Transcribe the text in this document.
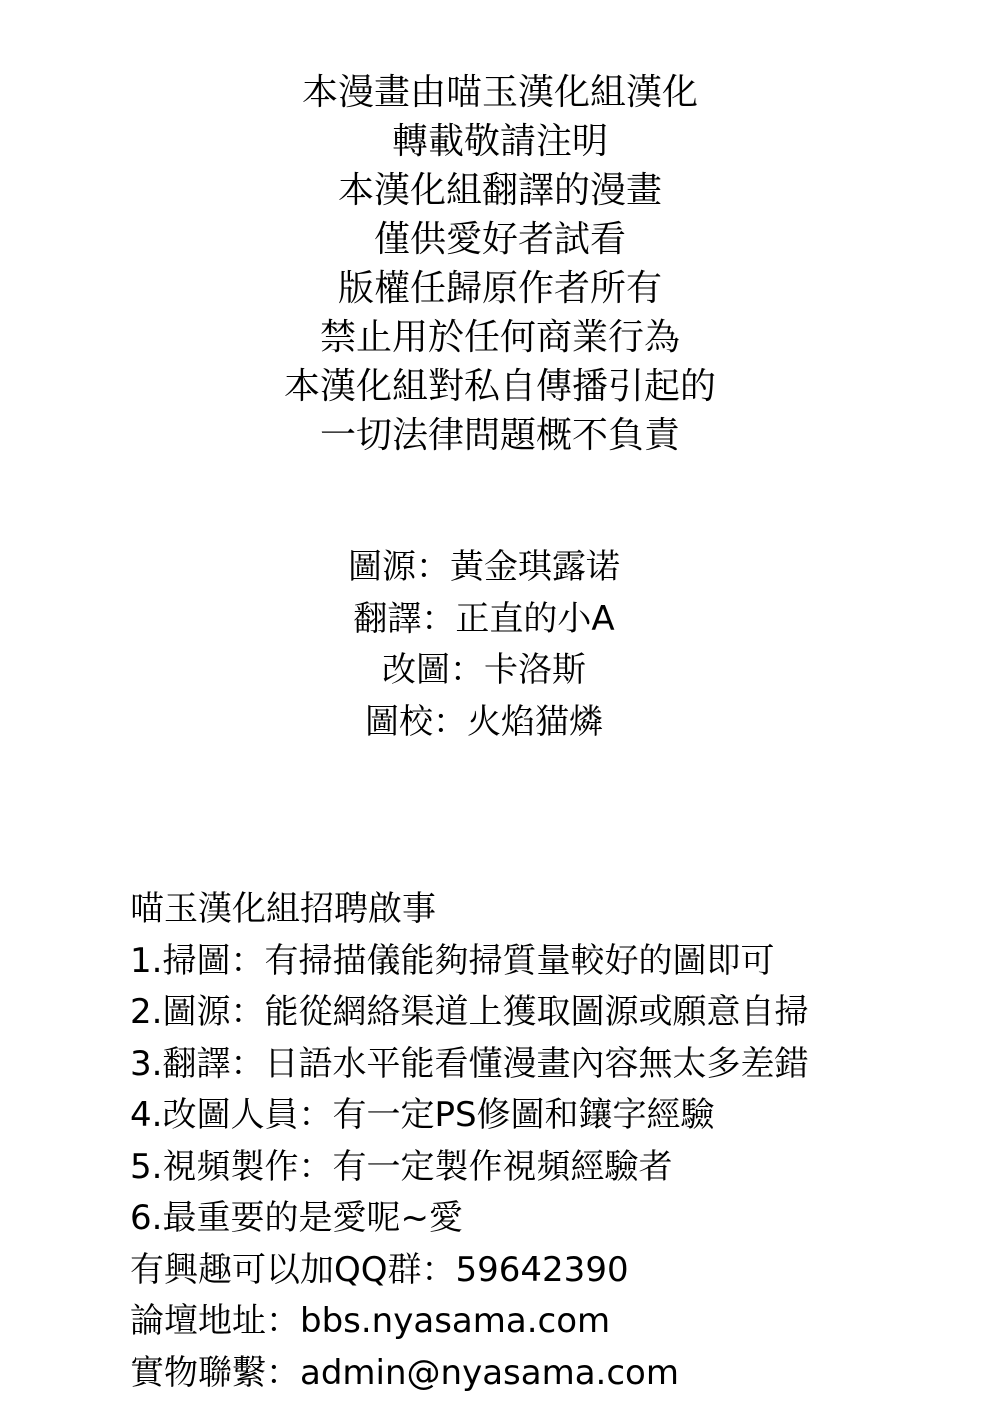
本漫畫由喵玉漢化組漢化
轉載敬請注明
本漢化組翻譯的漫畫
僅供愛好者試看
版權任歸原作者所有
禁止用於任何商業行為
本漢化組對私自傳播引起的
一切法律問題概不負責
圖源：黃金琪露诺
翻譯：正直的小A
改圖：卡洛斯
圖校：火焰猫燐
喵玉漢化組招聘啟事
1.掃圖：有掃描儀能夠掃質量較好的圖即可
2.圖源：能從網絡渠道上獲取圖源或願意自掃
3.翻譯：日語水平能看懂漫畫內容無太多差錯
4.改圖人員：有一定PS修圖和鑲字經驗
5.視頻製作：有一定製作視頻經驗者
6.最重要的是愛呢~愛
有興趣可以加QQ群：59642390
論壇地址：bbs.nyasama.com
實物聯繫：admin@nyasama.com
